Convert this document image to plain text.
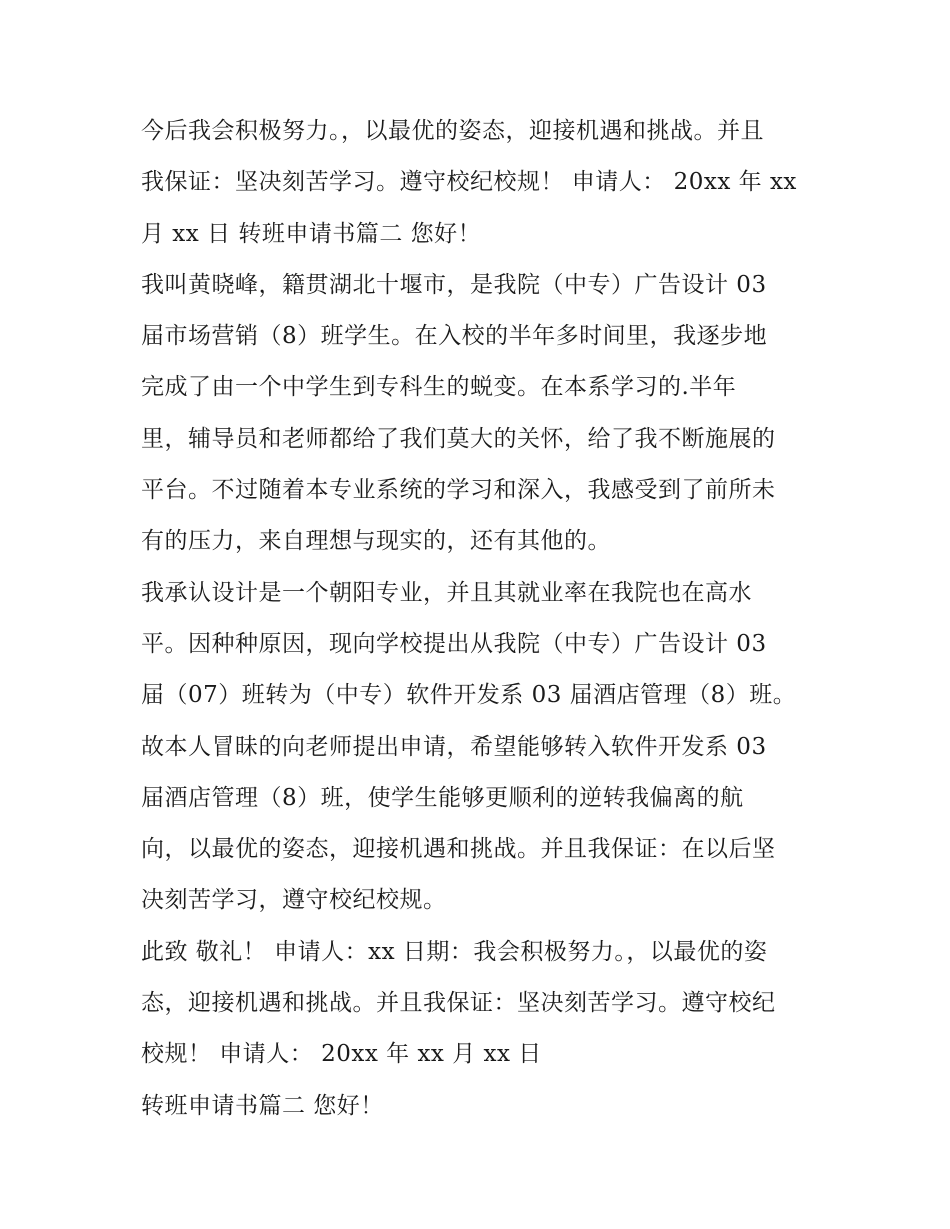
今后我会积极努力。，以最优的姿态，迎接机遇和挑战。并且
我保证：坚决刻苦学习。遵守校纪校规！ 申请人： 20xx 年 xx
月 xx 日 转班申请书篇二 您好！
我叫黄晓峰，籍贯湖北十堰市，是我院（中专）广告设计 03
届市场营销（8）班学生。在入校的半年多时间里，我逐步地
完成了由一个中学生到专科生的蜕变。在本系学习的.半年
里，辅导员和老师都给了我们莫大的关怀，给了我不断施展的
平台。不过随着本专业系统的学习和深入，我感受到了前所未
有的压力，来自理想与现实的，还有其他的。
我承认设计是一个朝阳专业，并且其就业率在我院也在高水
平。因种种原因，现向学校提出从我院（中专）广告设计 03
届（07）班转为（中专）软件开发系 03 届酒店管理（8）班。
故本人冒昧的向老师提出申请，希望能够转入软件开发系 03
届酒店管理（8）班，使学生能够更顺利的逆转我偏离的航
向，以最优的姿态，迎接机遇和挑战。并且我保证：在以后坚
决刻苦学习，遵守校纪校规。
此致 敬礼！ 申请人：xx 日期：我会积极努力。，以最优的姿
态，迎接机遇和挑战。并且我保证：坚决刻苦学习。遵守校纪
校规！ 申请人： 20xx 年 xx 月 xx 日
转班申请书篇二 您好！
